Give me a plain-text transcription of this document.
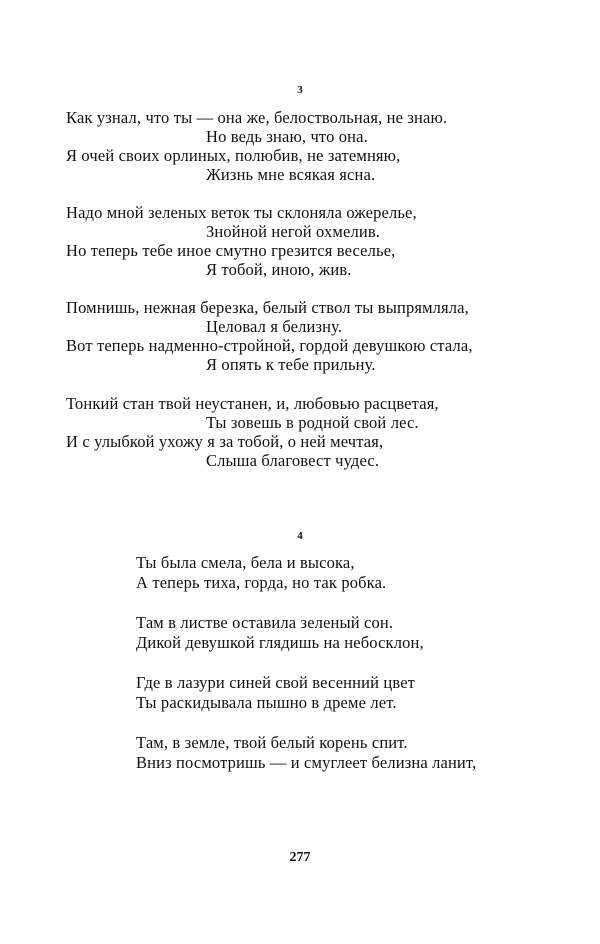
3
Как узнал, что ты — она же, белоствольная, не знаю.
Но ведь знаю, что она.
Я очей своих орлиных, полюбив, не затемняю,
Жизнь мне всякая ясна.
Надо мной зеленых веток ты склоняла ожерелье,
Знойной негой охмелив.
Но теперь тебе иное смутно грезится веселье,
Я тобой, иною, жив.
Помнишь, нежная березка, белый ствол ты выпрямляла,
Целовал я белизну.
Вот теперь надменно-стройной, гордой девушкою стала,
Я опять к тебе прильну.
Тонкий стан твой неустанен, и, любовью расцветая,
Ты зовешь в родной свой лес.
И с улыбкой ухожу я за тобой, о ней мечтая,
Слыша благовест чудес.
4
Ты была смела, бела и высока,
А теперь тиха, горда, но так робка.
Там в листве оставила зеленый сон.
Дикой девушкой глядишь на небосклон,
Где в лазури синей свой весенний цвет
Ты раскидывала пышно в дреме лет.
Там, в земле, твой белый корень спит.
Вниз посмотришь — и смуглеет белизна ланит,
277
